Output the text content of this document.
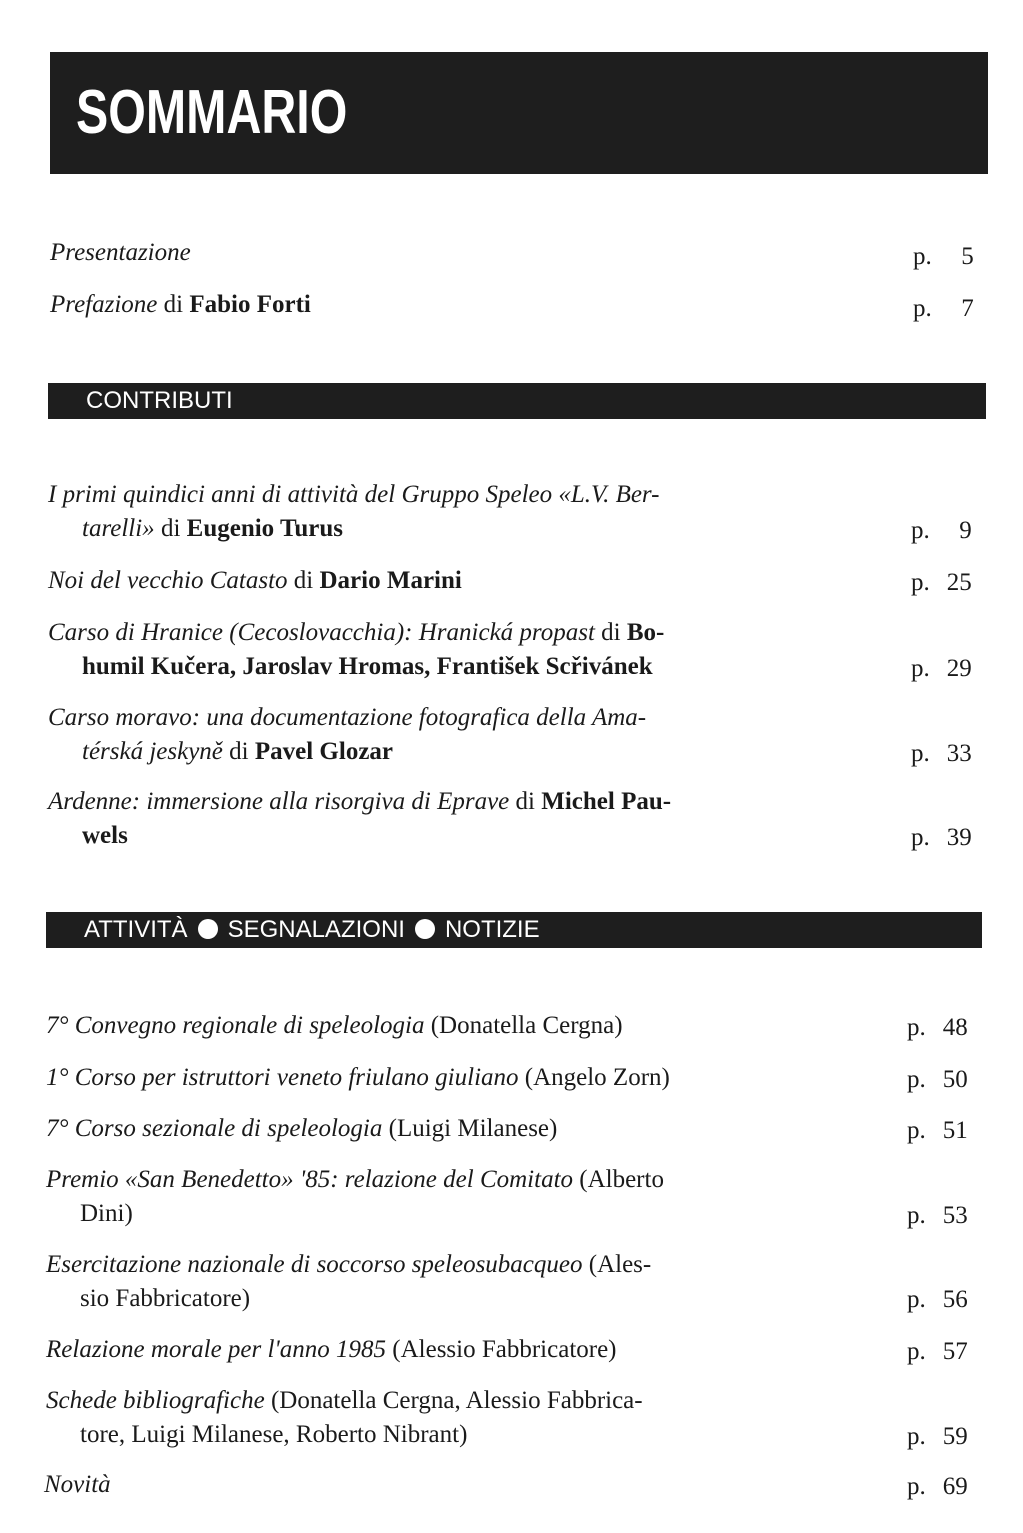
SOMMARIO
Presentazione	p. 5
Prefazione di Fabio Forti	p. 7
CONTRIBUTI
I primi quindici anni di attività del Gruppo Speleo «L.V. Ber-
tarelli» di Eugenio Turus	p. 9
Noi del vecchio Catasto di Dario Marini	p. 25
Carso di Hranice (Cecoslovacchia): Hranická propast di Bo-
humil Kučera, Jaroslav Hromas, František Scřivánek	p. 29
Carso moravo: una documentazione fotografica della Ama-
térská jeskyně di Pavel Glozar	p. 33
Ardenne: immersione alla risorgiva di Eprave di Michel Pau-
wels	p. 39
ATTIVITÀ SEGNALAZIONI NOTIZIE
7° Convegno regionale di speleologia (Donatella Cergna)	p. 48
1° Corso per istruttori veneto friulano giuliano (Angelo Zorn)	p. 50
7° Corso sezionale di speleologia (Luigi Milanese)	p. 51
Premio «San Benedetto» '85: relazione del Comitato (Alberto
Dini)	p. 53
Esercitazione nazionale di soccorso speleosubacqueo (Ales-
sio Fabbricatore)	p. 56
Relazione morale per l'anno 1985 (Alessio Fabbricatore)	p. 57
Schede bibliografiche (Donatella Cergna, Alessio Fabbrica-
tore, Luigi Milanese, Roberto Nibrant)	p. 59
Novità	p. 69
